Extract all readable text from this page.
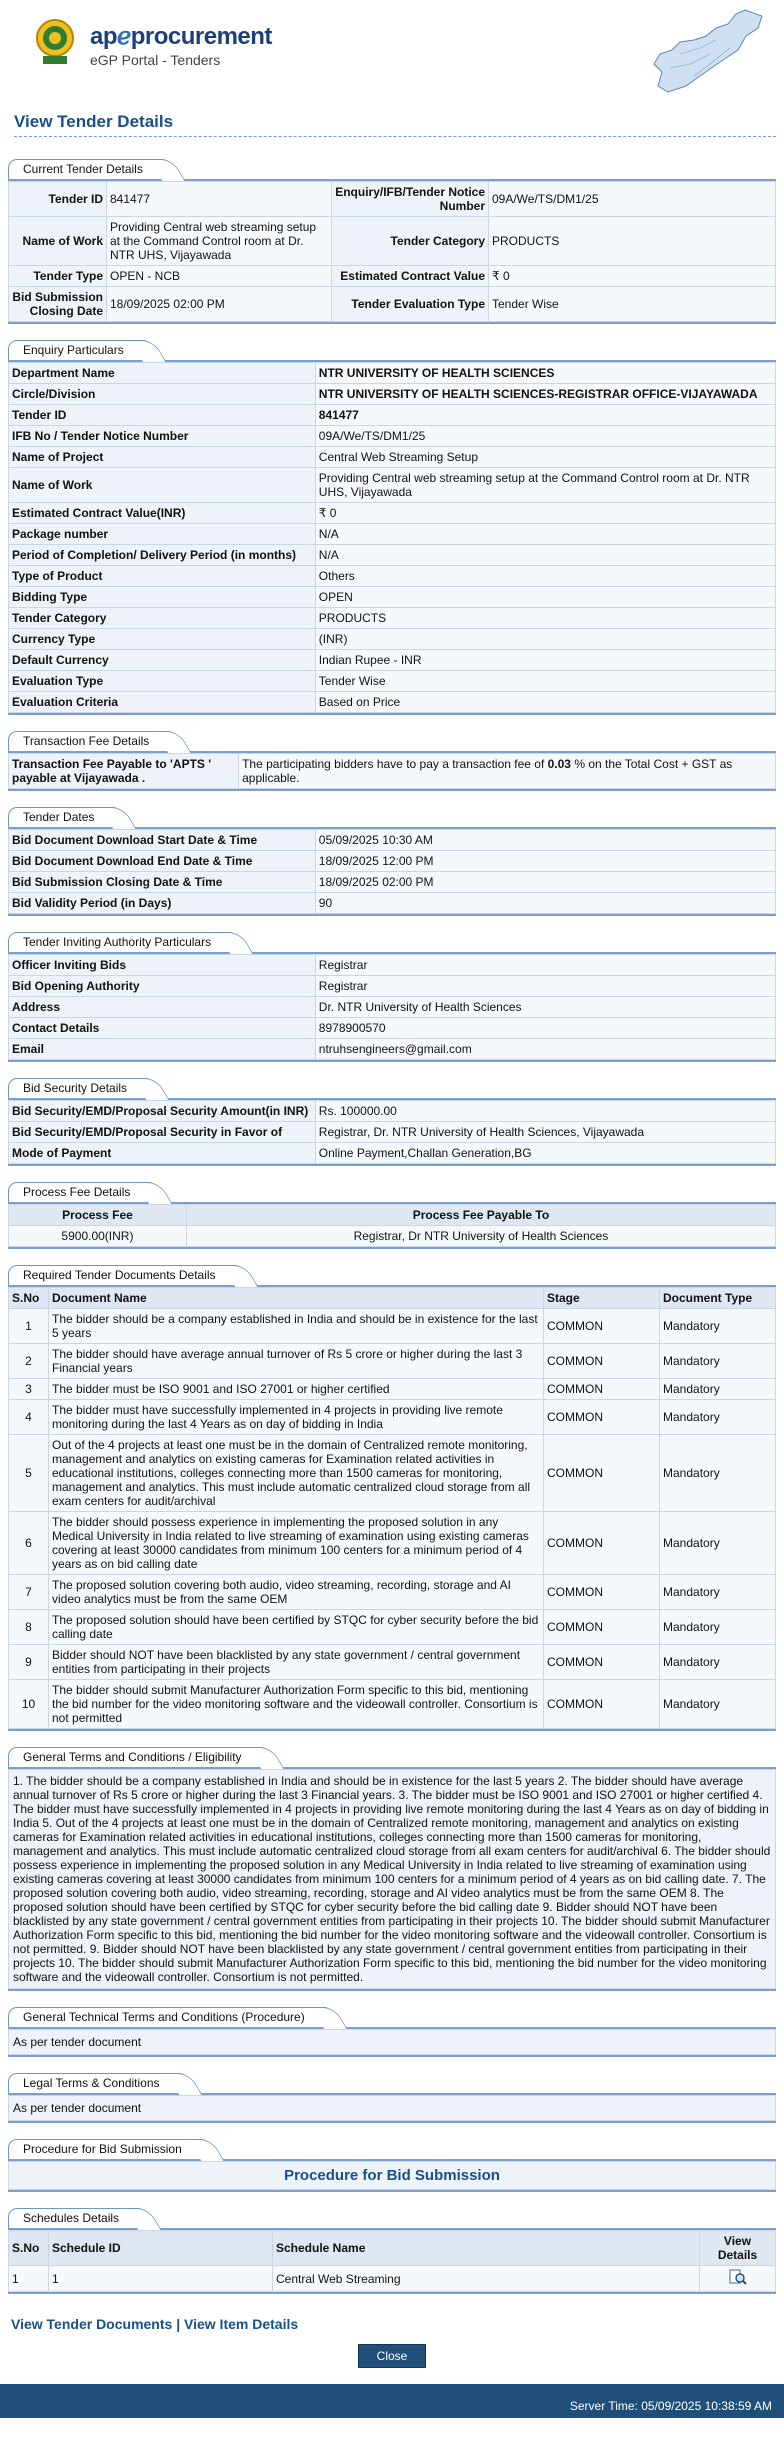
apℯprocurement
eGP Portal - Tenders
View Tender Details
Current Tender Details
Tender ID	841477	Enquiry/IFB/Tender Notice Number	09A/We/TS/DM1/25
Name of Work	Providing Central web streaming setup at the Command Control room at Dr. NTR UHS, Vijayawada	Tender Category	PRODUCTS
Tender Type	OPEN - NCB	Estimated Contract Value	₹ 0
Bid Submission Closing Date	18/09/2025 02:00 PM	Tender Evaluation Type	Tender Wise
Enquiry Particulars
Department Name	NTR UNIVERSITY OF HEALTH SCIENCES
Circle/Division	NTR UNIVERSITY OF HEALTH SCIENCES-REGISTRAR OFFICE-VIJAYAWADA
Tender ID	841477
IFB No / Tender Notice Number	09A/We/TS/DM1/25
Name of Project	Central Web Streaming Setup
Name of Work	Providing Central web streaming setup at the Command Control room at Dr. NTR UHS, Vijayawada
Estimated Contract Value(INR)	₹ 0
Package number	N/A
Period of Completion/ Delivery Period (in months)	N/A
Type of Product	Others
Bidding Type	OPEN
Tender Category	PRODUCTS
Currency Type	(INR)
Default Currency	Indian Rupee - INR
Evaluation Type	Tender Wise
Evaluation Criteria	Based on Price
Transaction Fee Details
Transaction Fee Payable to 'APTS ' payable at Vijayawada .	The participating bidders have to pay a transaction fee of 0.03 % on the Total Cost + GST as applicable.
Tender Dates
Bid Document Download Start Date & Time	05/09/2025 10:30 AM
Bid Document Download End Date & Time	18/09/2025 12:00 PM
Bid Submission Closing Date & Time	18/09/2025 02:00 PM
Bid Validity Period (in Days)	90
Tender Inviting Authority Particulars
Officer Inviting Bids	Registrar
Bid Opening Authority	Registrar
Address	Dr. NTR University of Health Sciences
Contact Details	8978900570
Email	ntruhsengineers@gmail.com
Bid Security Details
Bid Security/EMD/Proposal Security Amount(in INR)	Rs. 100000.00
Bid Security/EMD/Proposal Security in Favor of	Registrar, Dr. NTR University of Health Sciences, Vijayawada
Mode of Payment	Online Payment,Challan Generation,BG
Process Fee Details
Process Fee	Process Fee Payable To
5900.00(INR)	Registrar, Dr NTR University of Health Sciences
Required Tender Documents Details
S.No	Document Name	Stage	Document Type
1	The bidder should be a company established in India and should be in existence for the last 5 years	COMMON	Mandatory
2	The bidder should have average annual turnover of Rs 5 crore or higher during the last 3 Financial years	COMMON	Mandatory
3	The bidder must be ISO 9001 and ISO 27001 or higher certified	COMMON	Mandatory
4	The bidder must have successfully implemented in 4 projects in providing live remote monitoring during the last 4 Years as on day of bidding in India	COMMON	Mandatory
5	Out of the 4 projects at least one must be in the domain of Centralized remote monitoring, management and analytics on existing cameras for Examination related activities in educational institutions, colleges connecting more than 1500 cameras for monitoring, management and analytics. This must include automatic centralized cloud storage from all exam centers for audit/archival	COMMON	Mandatory
6	The bidder should possess experience in implementing the proposed solution in any Medical University in India related to live streaming of examination using existing cameras covering at least 30000 candidates from minimum 100 centers for a minimum period of 4 years as on bid calling date	COMMON	Mandatory
7	The proposed solution covering both audio, video streaming, recording, storage and AI video analytics must be from the same OEM	COMMON	Mandatory
8	The proposed solution should have been certified by STQC for cyber security before the bid calling date	COMMON	Mandatory
9	Bidder should NOT have been blacklisted by any state government / central government entities from participating in their projects	COMMON	Mandatory
10	The bidder should submit Manufacturer Authorization Form specific to this bid, mentioning the bid number for the video monitoring software and the videowall controller. Consortium is not permitted	COMMON	Mandatory
General Terms and Conditions / Eligibility
1. The bidder should be a company established in India and should be in existence for the last 5 years 2. The bidder should have average annual turnover of Rs 5 crore or higher during the last 3 Financial years. 3. The bidder must be ISO 9001 and ISO 27001 or higher certified 4. The bidder must have successfully implemented in 4 projects in providing live remote monitoring during the last 4 Years as on day of bidding in India 5. Out of the 4 projects at least one must be in the domain of Centralized remote monitoring, management and analytics on existing cameras for Examination related activities in educational institutions, colleges connecting more than 1500 cameras for monitoring, management and analytics. This must include automatic centralized cloud storage from all exam centers for audit/archival 6. The bidder should possess experience in implementing the proposed solution in any Medical University in India related to live streaming of examination using existing cameras covering at least 30000 candidates from minimum 100 centers for a minimum period of 4 years as on bid calling date. 7. The proposed solution covering both audio, video streaming, recording, storage and AI video analytics must be from the same OEM 8. The proposed solution should have been certified by STQC for cyber security before the bid calling date 9. Bidder should NOT have been blacklisted by any state government / central government entities from participating in their projects 10. The bidder should submit Manufacturer Authorization Form specific to this bid, mentioning the bid number for the video monitoring software and the videowall controller. Consortium is not permitted. 9. Bidder should NOT have been blacklisted by any state government / central government entities from participating in their projects 10. The bidder should submit Manufacturer Authorization Form specific to this bid, mentioning the bid number for the video monitoring software and the videowall controller. Consortium is not permitted.
General Technical Terms and Conditions (Procedure)
As per tender document
Legal Terms & Conditions
As per tender document
Procedure for Bid Submission
Procedure for Bid Submission
Schedules Details
S.No	Schedule ID	Schedule Name	View Details
1	1	Central Web Streaming	
View Tender Documents | View Item Details
Close
Server Time: 05/09/2025 10:38:59 AM
